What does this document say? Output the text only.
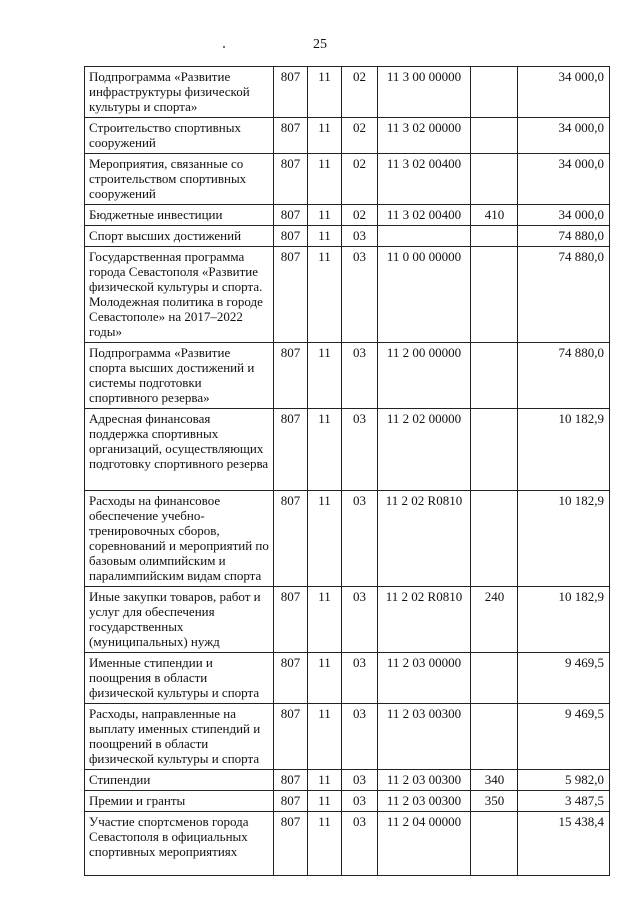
25
Подпрограмма «Развитие инфраструктуры физической культуры и спорта»	807	11	02	11 3 00 00000		34 000,0
Строительство спортивных сооружений	807	11	02	11 3 02 00000		34 000,0
Мероприятия, связанные со строительством спортивных сооружений	807	11	02	11 3 02 00400		34 000,0
Бюджетные инвестиции	807	11	02	11 3 02 00400	410	34 000,0
Спорт высших достижений	807	11	03			74 880,0
Государственная программа города Севастополя «Развитие физической культуры и спорта. Молодежная политика в городе Севастополе» на 2017–2022 годы»	807	11	03	11 0 00 00000		74 880,0
Подпрограмма «Развитие спорта высших достижений и системы подготовки спортивного резерва»	807	11	03	11 2 00 00000		74 880,0
Адресная финансовая поддержка спортивных организаций, осуществляющих подготовку спортивного резерва	807	11	03	11 2 02 00000		10 182,9
Расходы на финансовое обеспечение учебно-тренировочных сборов, соревнований и мероприятий по базовым олимпийским и паралимпийским видам спорта	807	11	03	11 2 02 R0810		10 182,9
Иные закупки товаров, работ и услуг для обеспечения государственных (муниципальных) нужд	807	11	03	11 2 02 R0810	240	10 182,9
Именные стипендии и поощрения в области физической культуры и спорта	807	11	03	11 2 03 00000		9 469,5
Расходы, направленные на выплату именных стипендий и поощрений в области физической культуры и спорта	807	11	03	11 2 03 00300		9 469,5
Стипендии	807	11	03	11 2 03 00300	340	5 982,0
Премии и гранты	807	11	03	11 2 03 00300	350	3 487,5
Участие спортсменов города Севастополя в официальных спортивных мероприятиях	807	11	03	11 2 04 00000		15 438,4
